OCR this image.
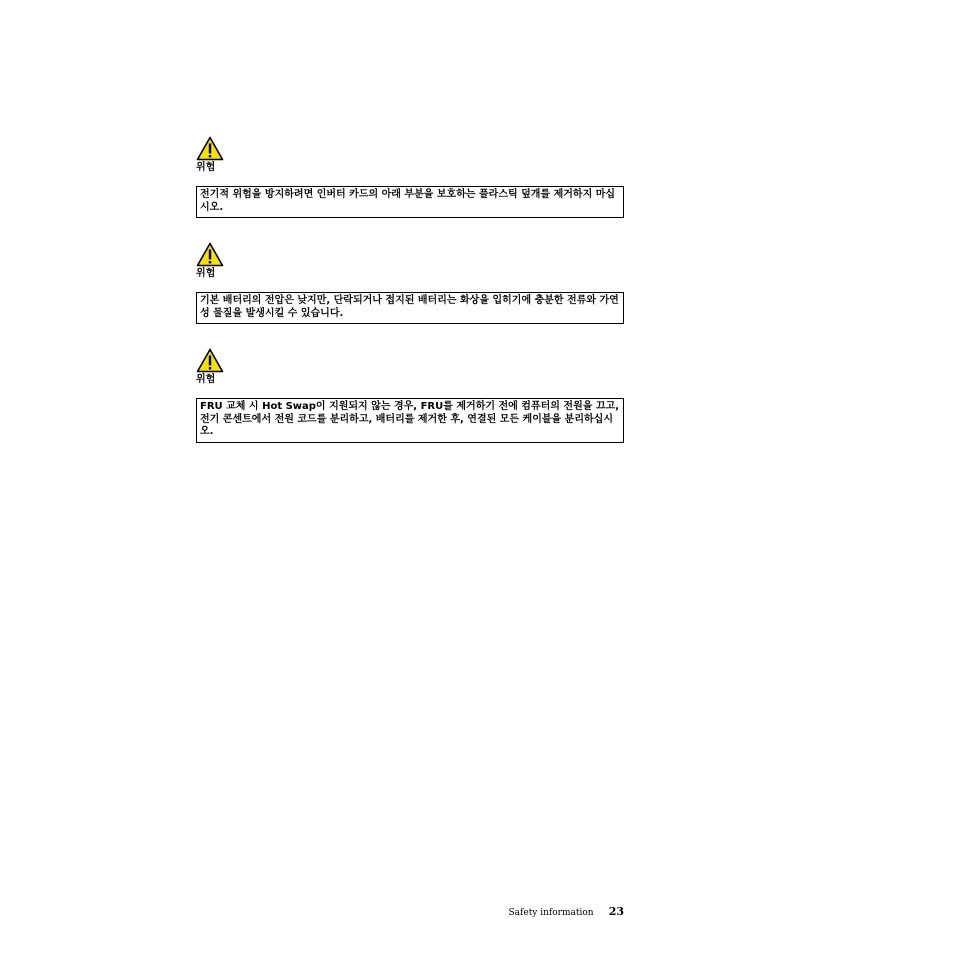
위험
전기적 위험을 방지하려면 인버터 카드의 아래 부분을 보호하는 플라스틱 덮개를 제거하지 마십시오.
위험
기본 배터리의 전압은 낮지만, 단락되거나 접지된 배터리는 화상을 입히기에 충분한 전류와 가연성 물질을 발생시킬 수 있습니다.
위험
FRU 교체 시 Hot Swap이 지원되지 않는 경우, FRU를 제거하기 전에 컴퓨터의 전원을 끄고, 전기 콘센트에서 전원 코드를 분리하고, 배터리를 제거한 후, 연결된 모든 케이블을 분리하십시오.
Safety information 23
